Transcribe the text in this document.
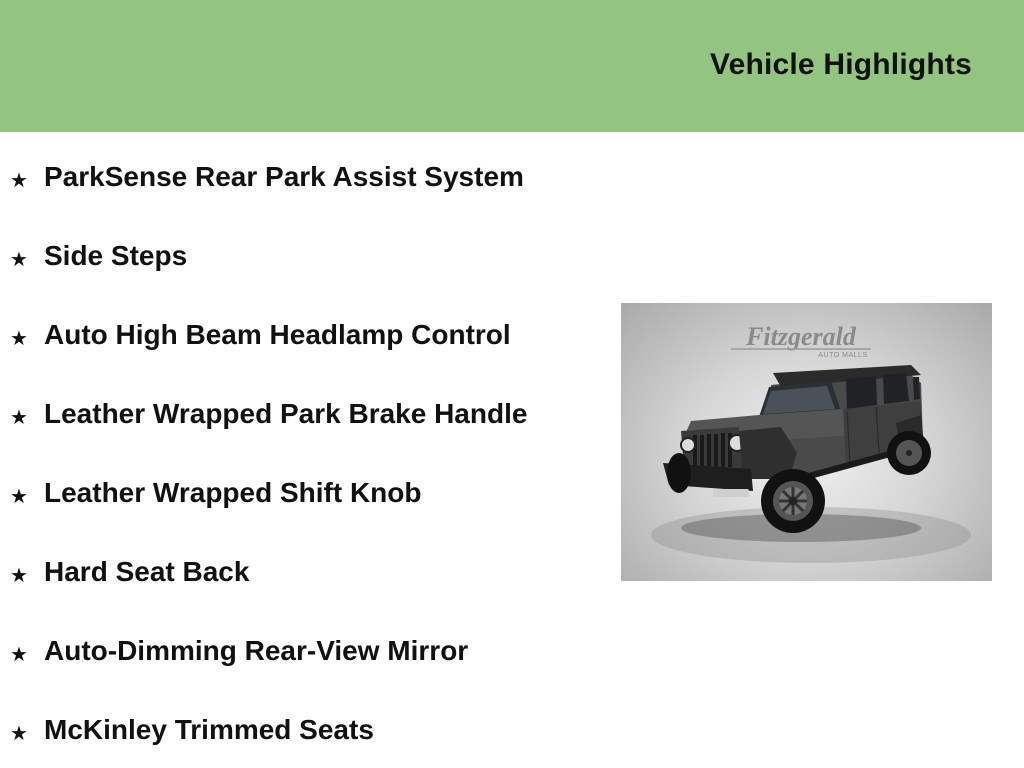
Vehicle Highlights
★ ParkSense Rear Park Assist System
★ Side Steps
★ Auto High Beam Headlamp Control
★ Leather Wrapped Park Brake Handle
★ Leather Wrapped Shift Knob
★ Hard Seat Back
★ Auto-Dimming Rear-View Mirror
★ McKinley Trimmed Seats
Fitzgerald
AUTO MALLS
